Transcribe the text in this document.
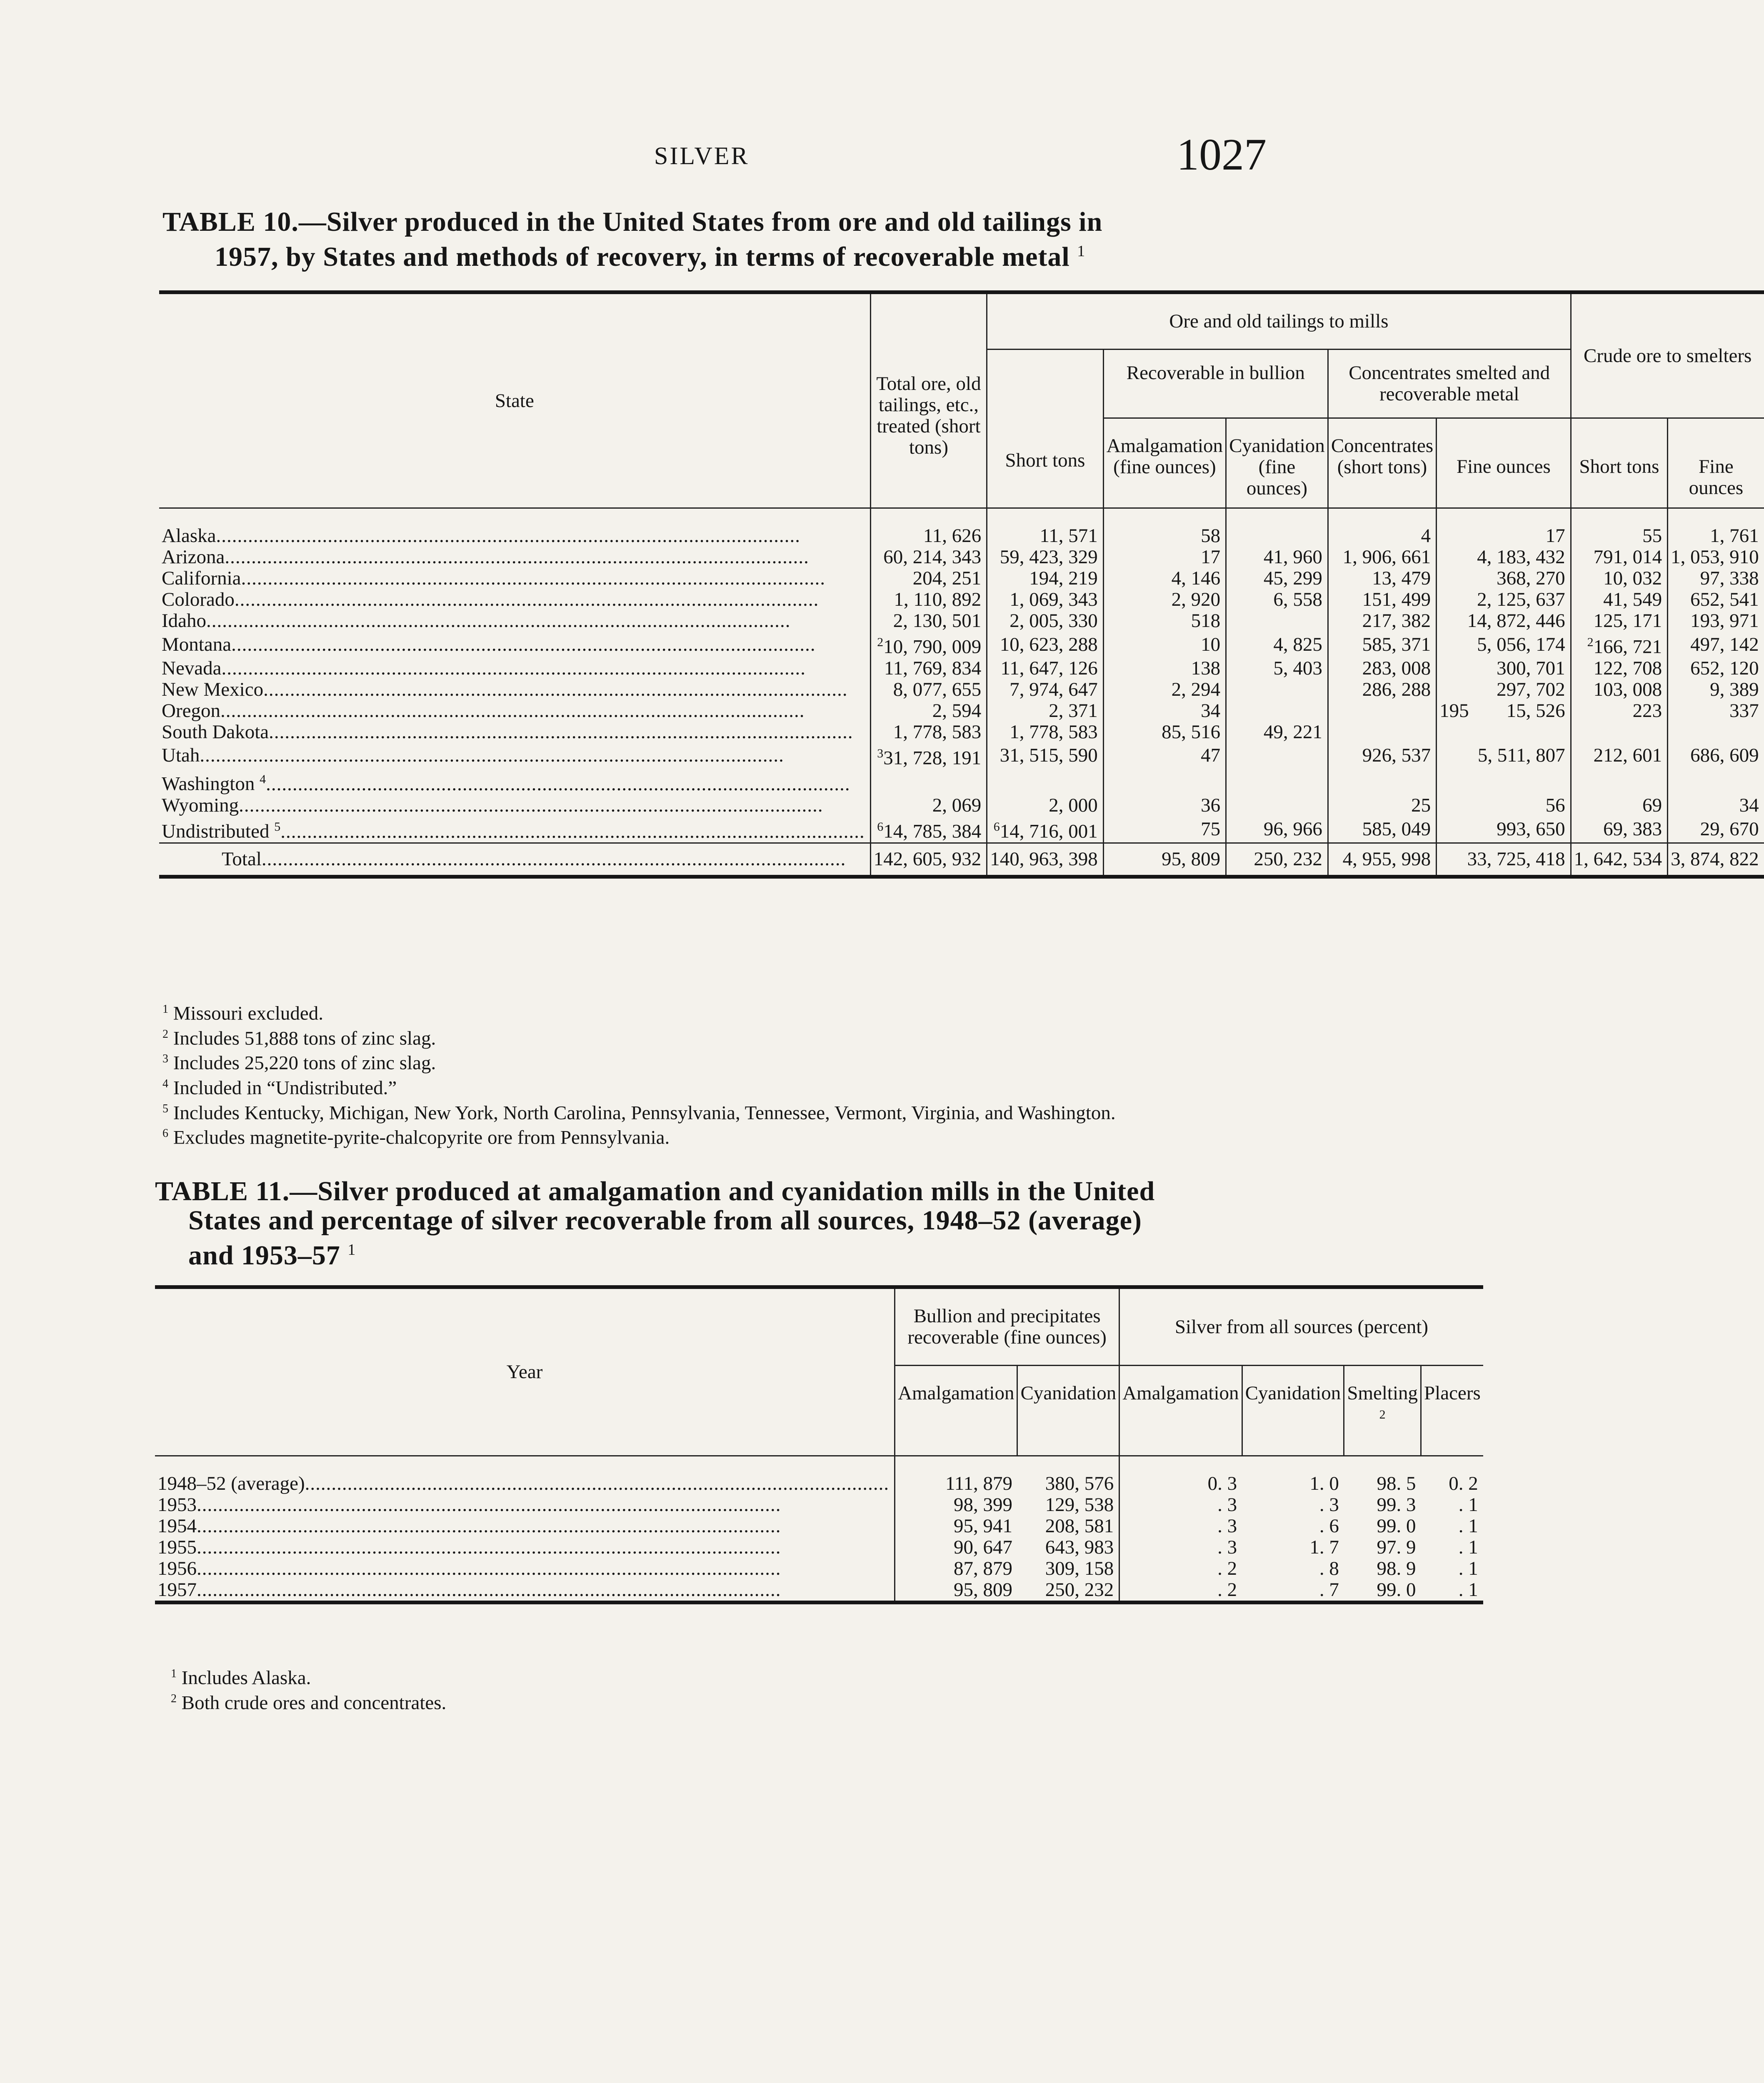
SILVER	1027
TABLE 10.—Silver produced in the United States from ore and old tailings in
1957, by States and methods of recovery, in terms of recoverable metal $^1$
State	Total ore, old tailings, etc., treated (short tons)	Ore and old tailings to mills					Crude ore to smelters	
		Short tons	Recoverable in bullion		Concentrates smelted and recoverable metal			
			Amalgamation (fine ounces)	Cyanidation (fine ounces)	Concentrates (short tons)	Fine ounces	Short tons	Fine ounces

Alaska .....	11, 626	11, 571	58		4	17	55	1, 761

Arizona .....	60, 214, 343	59, 423, 329	17	41, 960	1, 906, 661	4, 183, 432	791, 014	1, 053, 910

California .....	204, 251	194, 219	4, 146	45, 299	13, 479	368, 270	10, 032	97, 338

Colorado .....	1, 110, 892	1, 069, 343	2, 920	6, 558	151, 499	2, 125, 637	41, 549	652, 541

Idaho .....	2, 130, 501	2, 005, 330	518		217, 382	14, 872, 446	125, 171	193, 971

Montana .....	$^2$10, 790, 009	10, 623, 288	10	4, 825	585, 371	5, 056, 174	$^2$166, 721	497, 142

Nevada .....	11, 769, 834	11, 647, 126	138	5, 403	283, 008	300, 701	122, 708	652, 120

New Mexico .....	8, 077, 655	7, 974, 647	2, 294		286, 288	297, 702	103, 008	9, 389

Oregon .....	2, 594	2, 371	34			195 15, 526	223	337

South Dakota .....	1, 778, 583	1, 778, 583	85, 516	49, 221				

Utah .....	$^3$31, 728, 191	31, 515, 590	47		926, 537	5, 511, 807	212, 601	686, 609

Washington $^4$ .....

Wyoming .....	2, 069	2, 000	36		25	56	69	34

Undistributed $^5$ .....	$^6$14, 785, 384	$^6$14, 716, 001	75	96, 966	585, 049	993, 650	69, 383	29, 670

Total .....	142, 605, 932	140, 963, 398	95, 809	250, 232	4, 955, 998	33, 725, 418	1, 642, 534	3, 874, 822
$^1$ Missouri excluded.
$^2$ Includes 51,888 tons of zinc slag.
$^3$ Includes 25,220 tons of zinc slag.
$^4$ Included in “Undistributed.”
$^5$ Includes Kentucky, Michigan, New York, North Carolina, Pennsylvania, Tennessee, Vermont, Virginia, and Washington.
$^6$ Excludes magnetite-pyrite-chalcopyrite ore from Pennsylvania.
TABLE 11.—Silver produced at amalgamation and cyanidation mills in the United
States and percentage of silver recoverable from all sources, 1948–52 (average)
and 1953–57 $^1$
Year	Bullion and precipitates recoverable (fine ounces)		Silver from all sources (percent)			
	Amalgamation	Cyanidation	Amalgamation	Cyanidation	Smelting $^2$	Placers

1948–52 (average) .....	111, 879	380, 576	0. 3	1. 0	98. 5	0. 2

1953 .....	98, 399	129, 538	. 3	. 3	99. 3	. 1

1954 .....	95, 941	208, 581	. 3	. 6	99. 0	. 1

1955 .....	90, 647	643, 983	. 3	1. 7	97. 9	. 1

1956 .....	87, 879	309, 158	. 2	. 8	98. 9	. 1

1957 .....	95, 809	250, 232	. 2	. 7	99. 0	. 1
$^1$ Includes Alaska.
$^2$ Both crude ores and concentrates.
